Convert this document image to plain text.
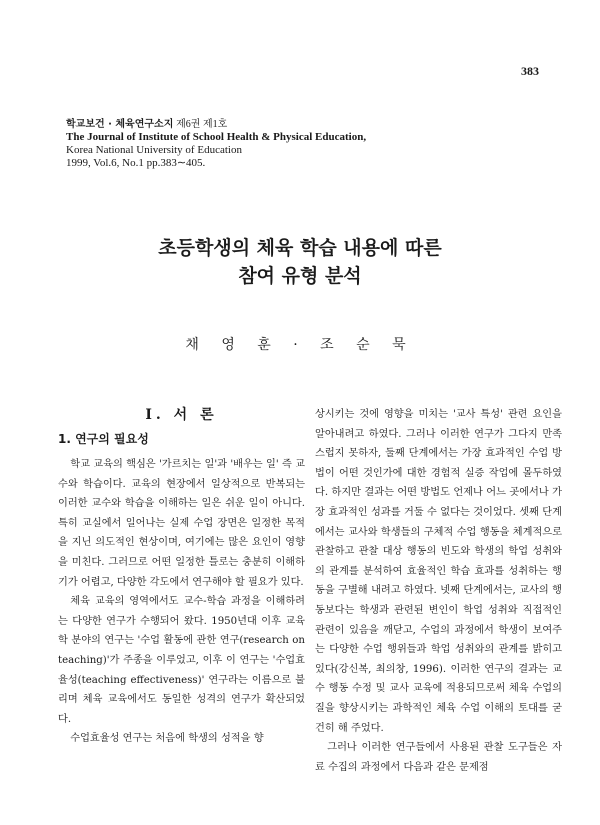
383
학교보건 · 체육연구소지 제6권 제1호
The Journal of Institute of School Health & Physical Education,
Korea National University of Education
1999, Vol.6, No.1 pp.383∼405.
초등학생의 체육 학습 내용에 따른
참여 유형 분석
채 영 훈 · 조 순 묵
Ⅰ. 서 론
1. 연구의 필요성

학교 교육의 핵심은 '가르치는 일'과 '배우는 일' 즉 교수와 학습이다. 교육의 현장에서 일상적으로 반복되는 이러한 교수와 학습을 이해하는 일은 쉬운 일이 아니다. 특히 교실에서 일어나는 실제 수업 장면은 일정한 목적을 지닌 의도적인 현상이며, 여기에는 많은 요인이 영향을 미친다. 그러므로 어떤 일정한 틀로는 충분히 이해하기가 어렵고, 다양한 각도에서 연구해야 할 필요가 있다.

체육 교육의 영역에서도 교수-학습 과정을 이해하려는 다양한 연구가 수행되어 왔다. 1950년대 이후 교육학 분야의 연구는 '수업 활동에 관한 연구(research on teaching)'가 주종을 이루었고, 이후 이 연구는 '수업효율성(teaching effectiveness)' 연구라는 이름으로 불리며 체육 교육에서도 동일한 성격의 연구가 확산되었다.

수업효율성 연구는 처음에 학생의 성적을 향

상시키는 것에 영향을 미치는 '교사 특성' 관련 요인을 알아내려고 하였다. 그러나 이러한 연구가 그다지 만족스럽지 못하자, 둘째 단계에서는 가장 효과적인 수업 방법이 어떤 것인가에 대한 경험적 실증 작업에 몰두하였다. 하지만 결과는 어떤 방법도 언제나 어느 곳에서나 가장 효과적인 성과를 거둘 수 없다는 것이었다. 셋째 단계에서는 교사와 학생들의 구체적 수업 행동을 체계적으로 관찰하고 관찰 대상 행동의 빈도와 학생의 학업 성취와의 관계를 분석하여 효율적인 학습 효과를 성취하는 행동을 구별해 내려고 하였다. 넷째 단계에서는, 교사의 행동보다는 학생과 관련된 변인이 학업 성취와 직접적인 관련이 있음을 깨닫고, 수업의 과정에서 학생이 보여주는 다양한 수업 행위들과 학업 성취와의 관계를 밝히고 있다(강신복, 최의창, 1996). 이러한 연구의 결과는 교수 행동 수정 및 교사 교육에 적용되므로써 체육 수업의 질을 향상시키는 과학적인 체육 수업 이해의 토대를 굳건히 해 주었다.

그러나 이러한 연구들에서 사용된 관찰 도구들은 자료 수집의 과정에서 다음과 같은 문제점
